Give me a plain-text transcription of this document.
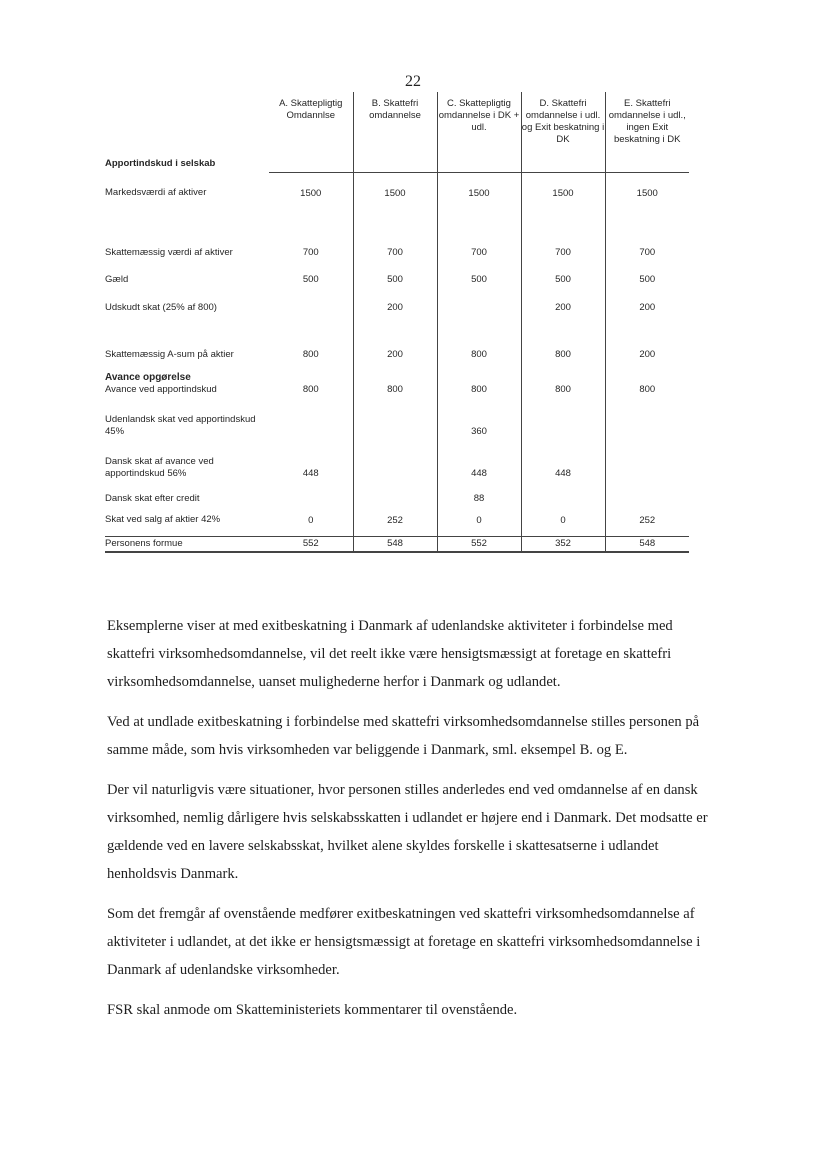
22
	A. Skattepligtig Omdannlse	B. Skattefri omdannelse	C. Skattepligtig omdannelse i DK + udl.	D. Skattefri omdannelse i udl. og Exit beskatning i DK	E. Skattefri omdannelse i udl., ingen Exit beskatning i DK
Apportindskud i selskab					
Markedsværdi af aktiver	1500	1500	1500	1500	1500
Skattemæssig værdi af aktiver	700	700	700	700	700
Gæld	500	500	500	500	500
Udskudt skat (25% af 800)		200		200	200
Skattemæssig A-sum på aktier	800	200	800	800	200

Avance opgørelse
Avance ved apportindskud	800	800	800	800	800
Udenlandsk skat ved apportindskud 45%			360		
Dansk skat af avance ved apportindskud 56%	448		448	448	
Dansk skat efter credit			88		
Skat ved salg af aktier 42%	0	252	0	0	252
Personens formue	552	548	552	352	548

Eksemplerne viser at med exitbeskatning i Danmark af udenlandske aktiviteter i forbindelse med skattefri virksomhedsomdannelse, vil det reelt ikke være hensigtsmæssigt at foretage en skattefri virksomhedsomdannelse, uanset mulighederne herfor i Danmark og udlandet.

Ved at undlade exitbeskatning i forbindelse med skattefri virksomhedsomdannelse stilles personen på samme måde, som hvis virksomheden var beliggende i Danmark, sml. eksempel B. og E.

Der vil naturligvis være situationer, hvor personen stilles anderledes end ved omdannelse af en dansk virksomhed, nemlig dårligere hvis selskabsskatten i udlandet er højere end i Danmark. Det modsatte er gældende ved en lavere selskabsskat, hvilket alene skyldes forskelle i skattesatserne i udlandet henholdsvis Danmark.

Som det fremgår af ovenstående medfører exitbeskatningen ved skattefri virksomhedsomdannelse af aktiviteter i udlandet, at det ikke er hensigtsmæssigt at foretage en skattefri virksomhedsomdannelse i Danmark af udenlandske virksomheder.

FSR skal anmode om Skatteministeriets kommentarer til ovenstående.
